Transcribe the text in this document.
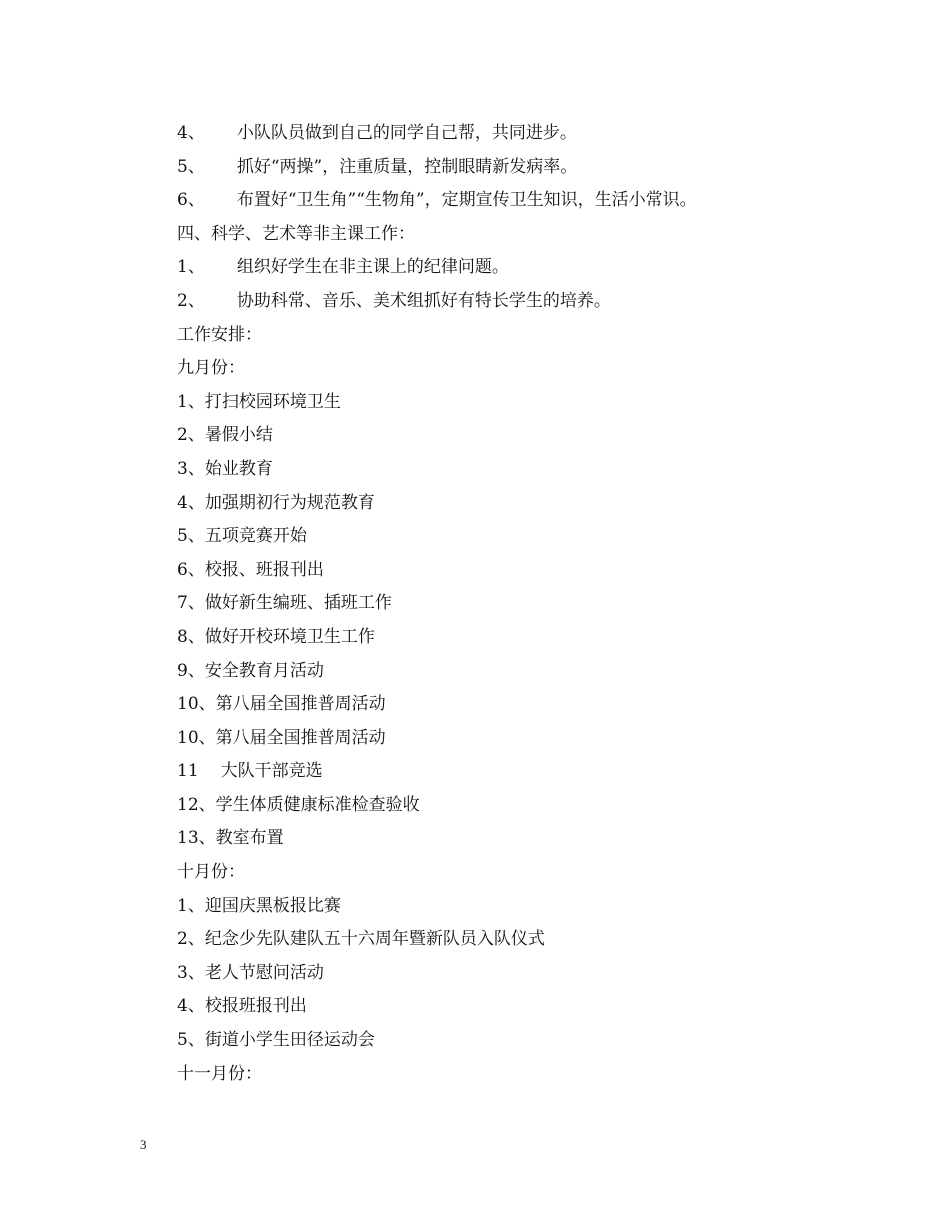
4、 小队队员做到自己的同学自己帮，共同进步。
5、 抓好“两操”，注重质量，控制眼睛新发病率。
6、 布置好“卫生角”“生物角”，定期宣传卫生知识，生活小常识。
四、科学、艺术等非主课工作：
1、 组织好学生在非主课上的纪律问题。
2、 协助科常、音乐、美术组抓好有特长学生的培养。
工作安排：
九月份：
1、打扫校园环境卫生
2、暑假小结
3、始业教育
4、加强期初行为规范教育
5、五项竞赛开始
6、校报、班报刊出
7、做好新生编班、插班工作
8、做好开校环境卫生工作
9、安全教育月活动
10、第八届全国推普周活动
10、第八届全国推普周活动
11 大队干部竞选
12、学生体质健康标准检查验收
13、教室布置
十月份：
1、迎国庆黑板报比赛
2、纪念少先队建队五十六周年暨新队员入队仪式
3、老人节慰问活动
4、校报班报刊出
5、街道小学生田径运动会
十一月份：
3
